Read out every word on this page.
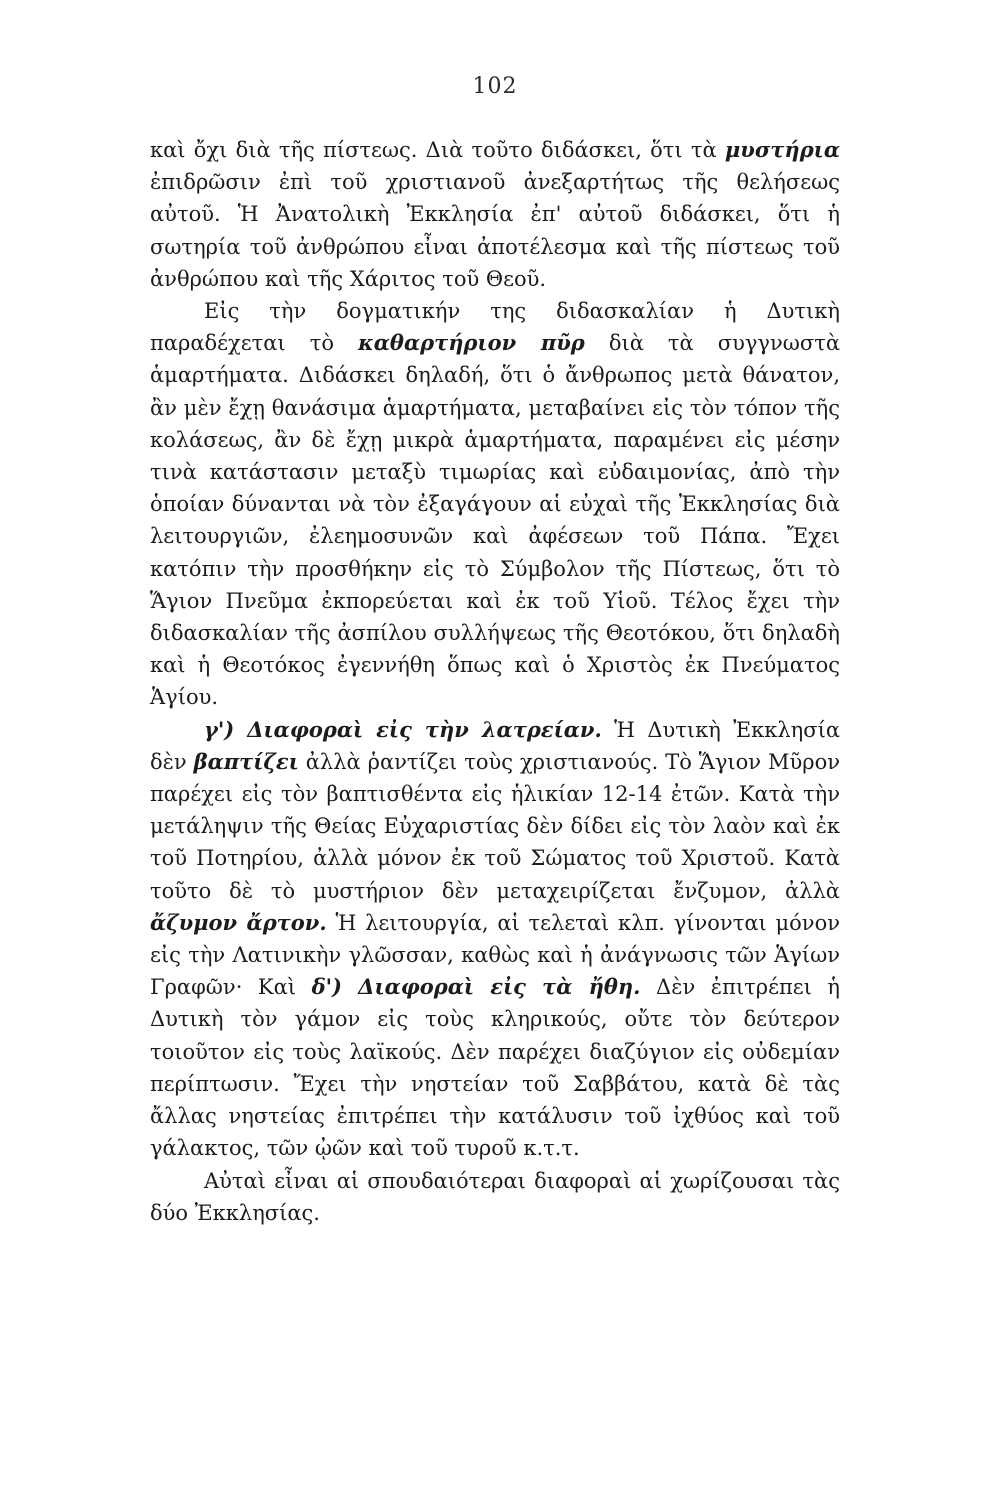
102

καὶ ὄχι διὰ τῆς πίστεως. Διὰ τοῦτο διδάσκει, ὅτι τὰ μυστήρια ἐπιδρῶσιν ἐπὶ τοῦ χριστιανοῦ ἀνεξαρτήτως τῆς θελήσεως αὐτοῦ. Ἡ Ἀνατολικὴ Ἐκκλησία ἐπ' αὐτοῦ διδάσκει, ὅτι ἡ σωτηρία τοῦ ἀνθρώπου εἶναι ἀποτέλεσμα καὶ τῆς πίστεως τοῦ ἀνθρώπου καὶ τῆς Χάριτος τοῦ Θεοῦ.

Εἰς τὴν δογματικήν της διδασκαλίαν ἡ Δυτικὴ παραδέχεται τὸ καθαρτήριον πῦρ διὰ τὰ συγγνωστὰ ἁμαρτήματα. Διδάσκει δηλαδή, ὅτι ὁ ἄνθρωπος μετὰ θάνατον, ἂν μὲν ἔχῃ θανάσιμα ἁμαρτήματα, μεταβαίνει εἰς τὸν τόπον τῆς κολάσεως, ἂν δὲ ἔχῃ μικρὰ ἁμαρτήματα, παραμένει εἰς μέσην τινὰ κατάστασιν μεταξὺ τιμωρίας καὶ εὐδαιμονίας, ἀπὸ τὴν ὁποίαν δύνανται νὰ τὸν ἐξαγάγουν αἱ εὐχαὶ τῆς Ἐκκλησίας διὰ λειτουργιῶν, ἐλεημοσυνῶν καὶ ἀφέσεων τοῦ Πάπα. Ἔχει κατόπιν τὴν προσθήκην εἰς τὸ Σύμβολον τῆς Πίστεως, ὅτι τὸ Ἅγιον Πνεῦμα ἐκπορεύεται καὶ ἐκ τοῦ Υἱοῦ. Τέλος ἔχει τὴν διδασκαλίαν τῆς ἀσπίλου συλλήψεως τῆς Θεοτόκου, ὅτι δηλαδὴ καὶ ἡ Θεοτόκος ἐγεννήθη ὅπως καὶ ὁ Χριστὸς ἐκ Πνεύματος Ἁγίου.

γ') Διαφοραὶ εἰς τὴν λατρείαν. Ἡ Δυτικὴ Ἐκκλησία δὲν βαπτίζει ἀλλὰ ῥαντίζει τοὺς χριστιανούς. Τὸ Ἅγιον Μῦρον παρέχει εἰς τὸν βαπτισθέντα εἰς ἡλικίαν 12-14 ἐτῶν. Κατὰ τὴν μετάληψιν τῆς Θείας Εὐχαριστίας δὲν δίδει εἰς τὸν λαὸν καὶ ἐκ τοῦ Ποτηρίου, ἀλλὰ μόνον ἐκ τοῦ Σώματος τοῦ Χριστοῦ. Κατὰ τοῦτο δὲ τὸ μυστήριον δὲν μεταχειρίζεται ἔνζυμον, ἀλλὰ ἄζυμον ἄρτον. Ἡ λειτουργία, αἱ τελεταὶ κλπ. γίνονται μόνον εἰς τὴν Λατινικὴν γλῶσσαν, καθὼς καὶ ἡ ἀνάγνωσις τῶν Ἁγίων Γραφῶν· Καὶ δ') Διαφοραὶ εἰς τὰ ἤθη. Δὲν ἐπιτρέπει ἡ Δυτικὴ τὸν γάμον εἰς τοὺς κληρικούς, οὔτε τὸν δεύτερον τοιοῦτον εἰς τοὺς λαϊκούς. Δὲν παρέχει διαζύγιον εἰς οὐδεμίαν περίπτωσιν. Ἔχει τὴν νηστείαν τοῦ Σαββάτου, κατὰ δὲ τὰς ἄλλας νηστείας ἐπιτρέπει τὴν κατάλυσιν τοῦ ἰχθύος καὶ τοῦ γάλακτος, τῶν ᾠῶν καὶ τοῦ τυροῦ κ.τ.τ.

Αὐταὶ εἶναι αἱ σπουδαιότεραι διαφοραὶ αἱ χωρίζουσαι τὰς δύο Ἐκκλησίας.
